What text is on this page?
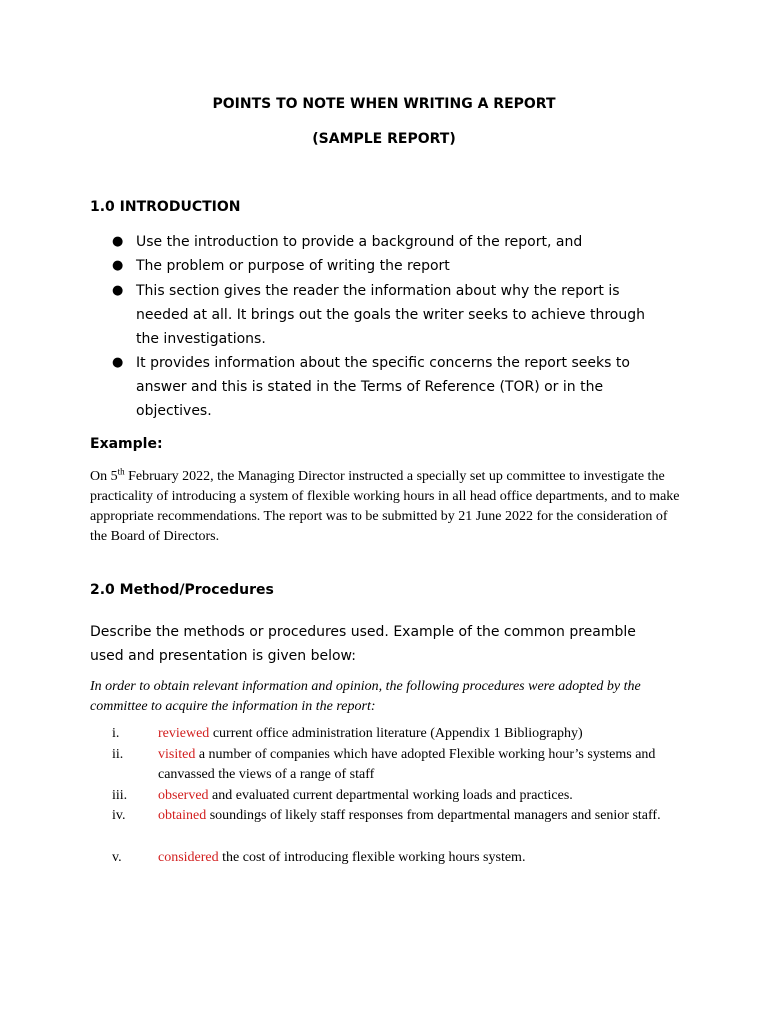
POINTS TO NOTE WHEN WRITING A REPORT
(SAMPLE REPORT)
1.0 INTRODUCTION
● Use the introduction to provide a background of the report, and
● The problem or purpose of writing the report
● This section gives the reader the information about why the report is needed at all. It brings out the goals the writer seeks to achieve through the investigations.
● It provides information about the specific concerns the report seeks to answer and this is stated in the Terms of Reference (TOR) or in the objectives.
Example:
On 5th February 2022, the Managing Director instructed a specially set up committee to investigate the practicality of introducing a system of flexible working hours in all head office departments, and to make appropriate recommendations. The report was to be submitted by 21 June 2022 for the consideration of the Board of Directors.
2.0 Method/Procedures
Describe the methods or procedures used. Example of the common preamble used and presentation is given below:
In order to obtain relevant information and opinion, the following procedures were adopted by the committee to acquire the information in the report:
i.	reviewed current office administration literature (Appendix 1 Bibliography)
ii.	visited a number of companies which have adopted Flexible working hour’s systems and canvassed the views of a range of staff
iii.	observed and evaluated current departmental working loads and practices.
iv.	obtained soundings of likely staff responses from departmental managers and senior staff.
v.	considered the cost of introducing flexible working hours system.
